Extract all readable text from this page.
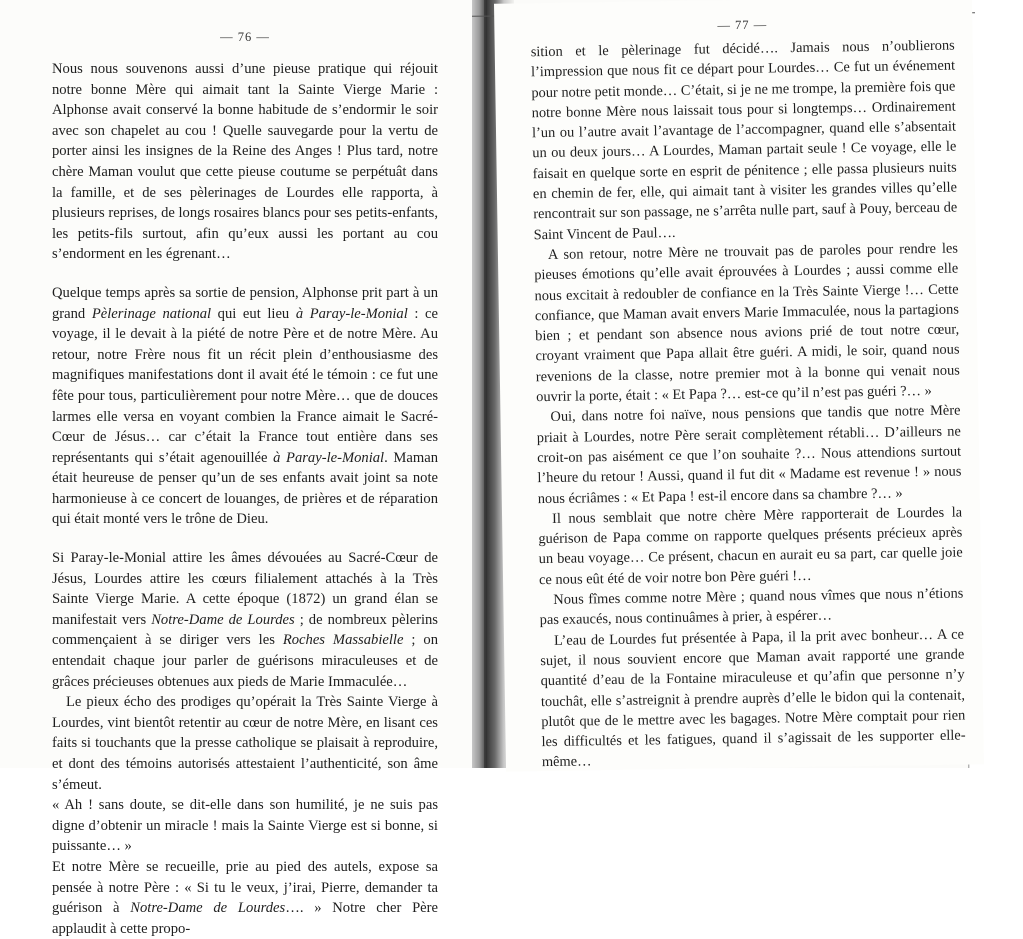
— 76 —

Nous nous souvenons aussi d’une pieuse pratique qui réjouit notre bonne Mère qui aimait tant la Sainte Vierge Marie : Alphonse avait conservé la bonne habitude de s’endormir le soir avec son chapelet au cou ! Quelle sauvegarde pour la vertu de porter ainsi les insignes de la Reine des Anges ! Plus tard, notre chère Maman voulut que cette pieuse coutume se perpétuât dans la famille, et de ses pèlerinages de Lourdes elle rapporta, à plusieurs reprises, de longs rosaires blancs pour ses petits-enfants, les petits-fils surtout, afin qu’eux aussi les portant au cou s’endorment en les égrenant…

Quelque temps après sa sortie de pension, Alphonse prit part à un grand Pèlerinage national qui eut lieu à Paray-le-Monial : ce voyage, il le devait à la piété de notre Père et de notre Mère. Au retour, notre Frère nous fit un récit plein d’enthousiasme des magnifiques manifestations dont il avait été le témoin : ce fut une fête pour tous, particulièrement pour notre Mère… que de douces larmes elle versa en voyant combien la France aimait le Sacré-Cœur de Jésus… car c’était la France tout entière dans ses représentants qui s’était agenouillée à Paray-le-Monial. Maman était heureuse de penser qu’un de ses enfants avait joint sa note harmonieuse à ce concert de louanges, de prières et de réparation qui était monté vers le trône de Dieu.

Si Paray-le-Monial attire les âmes dévouées au Sacré-Cœur de Jésus, Lourdes attire les cœurs filialement attachés à la Très Sainte Vierge Marie. A cette époque (1872) un grand élan se manifestait vers Notre-Dame de Lourdes ; de nombreux pèlerins commençaient à se diriger vers les Roches Massabielle ; on entendait chaque jour parler de guérisons miraculeuses et de grâces précieuses obtenues aux pieds de Marie Immaculée…

Le pieux écho des prodiges qu’opérait la Très Sainte Vierge à Lourdes, vint bientôt retentir au cœur de notre Mère, en lisant ces faits si touchants que la presse catholique se plaisait à reproduire, et dont des témoins autorisés attestaient l’authenticité, son âme s’émeut.

« Ah ! sans doute, se dit-elle dans son humilité, je ne suis pas digne d’obtenir un miracle ! mais la Sainte Vierge est si bonne, si puissante… »

Et notre Mère se recueille, prie au pied des autels, expose sa pensée à notre Père : « Si tu le veux, j’irai, Pierre, demander ta guérison à Notre-Dame de Lourdes…. » Notre cher Père applaudit à cette propo-

— 77 —

sition et le pèlerinage fut décidé…. Jamais nous n’oublierons l’impression que nous fit ce départ pour Lourdes… Ce fut un événement pour notre petit monde… C’était, si je ne me trompe, la première fois que notre bonne Mère nous laissait tous pour si longtemps… Ordinairement l’un ou l’autre avait l’avantage de l’accompagner, quand elle s’absentait un ou deux jours… A Lourdes, Maman partait seule ! Ce voyage, elle le faisait en quelque sorte en esprit de pénitence ; elle passa plusieurs nuits en chemin de fer, elle, qui aimait tant à visiter les grandes villes qu’elle rencontrait sur son passage, ne s’arrêta nulle part, sauf à Pouy, berceau de Saint Vincent de Paul….

A son retour, notre Mère ne trouvait pas de paroles pour rendre les pieuses émotions qu’elle avait éprouvées à Lourdes ; aussi comme elle nous excitait à redoubler de confiance en la Très Sainte Vierge !… Cette confiance, que Maman avait envers Marie Immaculée, nous la partagions bien ; et pendant son absence nous avions prié de tout notre cœur, croyant vraiment que Papa allait être guéri. A midi, le soir, quand nous revenions de la classe, notre premier mot à la bonne qui venait nous ouvrir la porte, était : « Et Papa ?… est-ce qu’il n’est pas guéri ?… »

Oui, dans notre foi naïve, nous pensions que tandis que notre Mère priait à Lourdes, notre Père serait complètement rétabli… D’ailleurs ne croit-on pas aisément ce que l’on souhaite ?… Nous attendions surtout l’heure du retour ! Aussi, quand il fut dit « Madame est revenue ! » nous nous écriâmes : « Et Papa ! est-il encore dans sa chambre ?… »

Il nous semblait que notre chère Mère rapporterait de Lourdes la guérison de Papa comme on rapporte quelques présents précieux après un beau voyage… Ce présent, chacun en aurait eu sa part, car quelle joie ce nous eût été de voir notre bon Père guéri !…

Nous fîmes comme notre Mère ; quand nous vîmes que nous n’étions pas exaucés, nous continuâmes à prier, à espérer…

L’eau de Lourdes fut présentée à Papa, il la prit avec bonheur… A ce sujet, il nous souvient encore que Maman avait rapporté une grande quantité d’eau de la Fontaine miraculeuse et qu’afin que personne n’y touchât, elle s’astreignit à prendre auprès d’elle le bidon qui la contenait, plutôt que de le mettre avec les bagages. Notre Mère comptait pour rien les difficultés et les fatigues, quand il s’agissait de les supporter elle-même…
